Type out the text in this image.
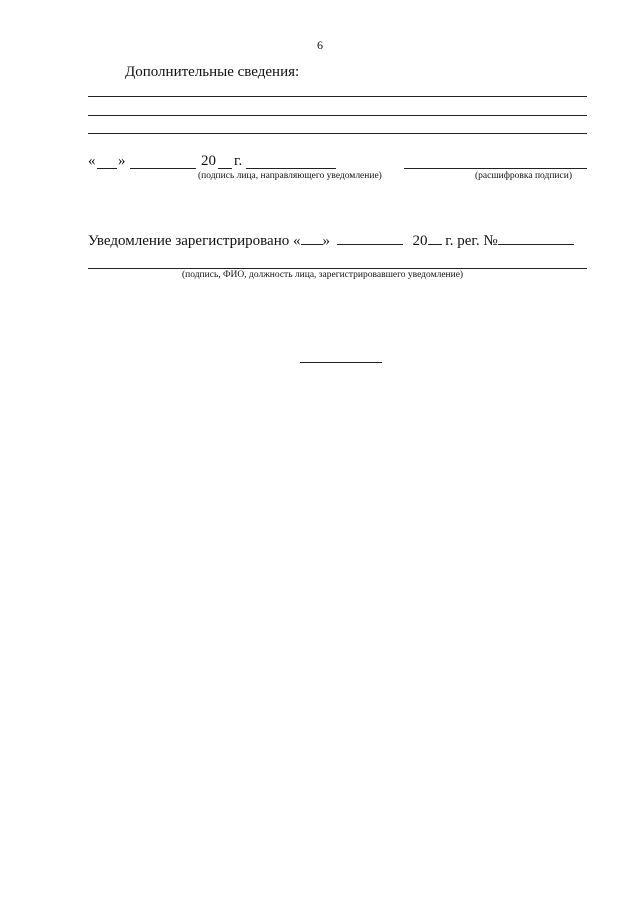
6
Дополнительные сведения:
« »	20 г.
(подпись лица, направляющего уведомление)	(расшифровка подписи)
Уведомление зарегистрировано « »	20 г. рег. №
(подпись, ФИО, должность лица, зарегистрировавшего уведомление)
